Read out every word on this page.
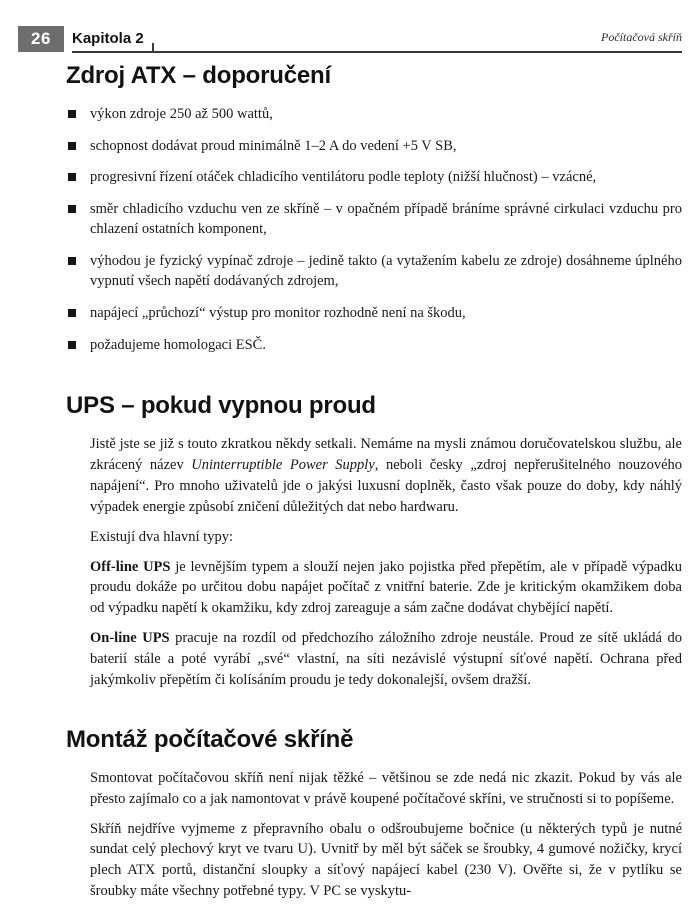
26	Kapitola 2	Počítačová skříň
Zdroj ATX – doporučení
výkon zdroje 250 až 500 wattů,
schopnost dodávat proud minimálně 1–2 A do vedení +5 V SB,
progresivní řízení otáček chladicího ventilátoru podle teploty (nižší hlučnost) – vzácné,
směr chladicího vzduchu ven ze skříně – v opačném případě bráníme správné cirkulaci vzduchu pro chlazení ostatních komponent,
výhodou je fyzický vypínač zdroje – jedině takto (a vytažením kabelu ze zdroje) dosáhneme úplného vypnutí všech napětí dodávaných zdrojem,
napájecí „průchozí“ výstup pro monitor rozhodně není na škodu,
požadujeme homologaci ESČ.
UPS – pokud vypnou proud

Jistě jste se již s touto zkratkou někdy setkali. Nemáme na mysli známou doručovatelskou službu, ale zkrácený název Uninterruptible Power Supply, neboli česky „zdroj nepřerušitelného nouzového napájení“. Pro mnoho uživatelů jde o jakýsi luxusní doplněk, často však pouze do doby, kdy náhlý výpadek energie způsobí zničení důležitých dat nebo hardwaru.

Existují dva hlavní typy:

Off-line UPS je levnějším typem a slouží nejen jako pojistka před přepětím, ale v případě výpadku proudu dokáže po určitou dobu napájet počítač z vnitřní baterie. Zde je kritickým okamžikem doba od výpadku napětí k okamžiku, kdy zdroj zareaguje a sám začne dodávat chybějící napětí.

On-line UPS pracuje na rozdíl od předchozího záložního zdroje neustále. Proud ze sítě ukládá do baterií stále a poté vyrábí „své“ vlastní, na síti nezávislé výstupní síťové napětí. Ochrana před jakýmkoliv přepětím či kolísáním proudu je tedy dokonalejší, ovšem dražší.

Montáž počítačové skříně

Smontovat počítačovou skříň není nijak těžké – většinou se zde nedá nic zkazit. Pokud by vás ale přesto zajímalo co a jak namontovat v právě koupené počítačové skříni, ve stručnosti si to popíšeme.

Skříň nejdříve vyjmeme z přepravního obalu o odšroubujeme bočnice (u některých typů je nutné sundat celý plechový kryt ve tvaru U). Uvnitř by měl být sáček se šroubky, 4 gumové nožičky, krycí plech ATX portů, distanční sloupky a síťový napájecí kabel (230 V). Ověřte si, že v pytlíku se šroubky máte všechny potřebné typy. V PC se vyskytu-
